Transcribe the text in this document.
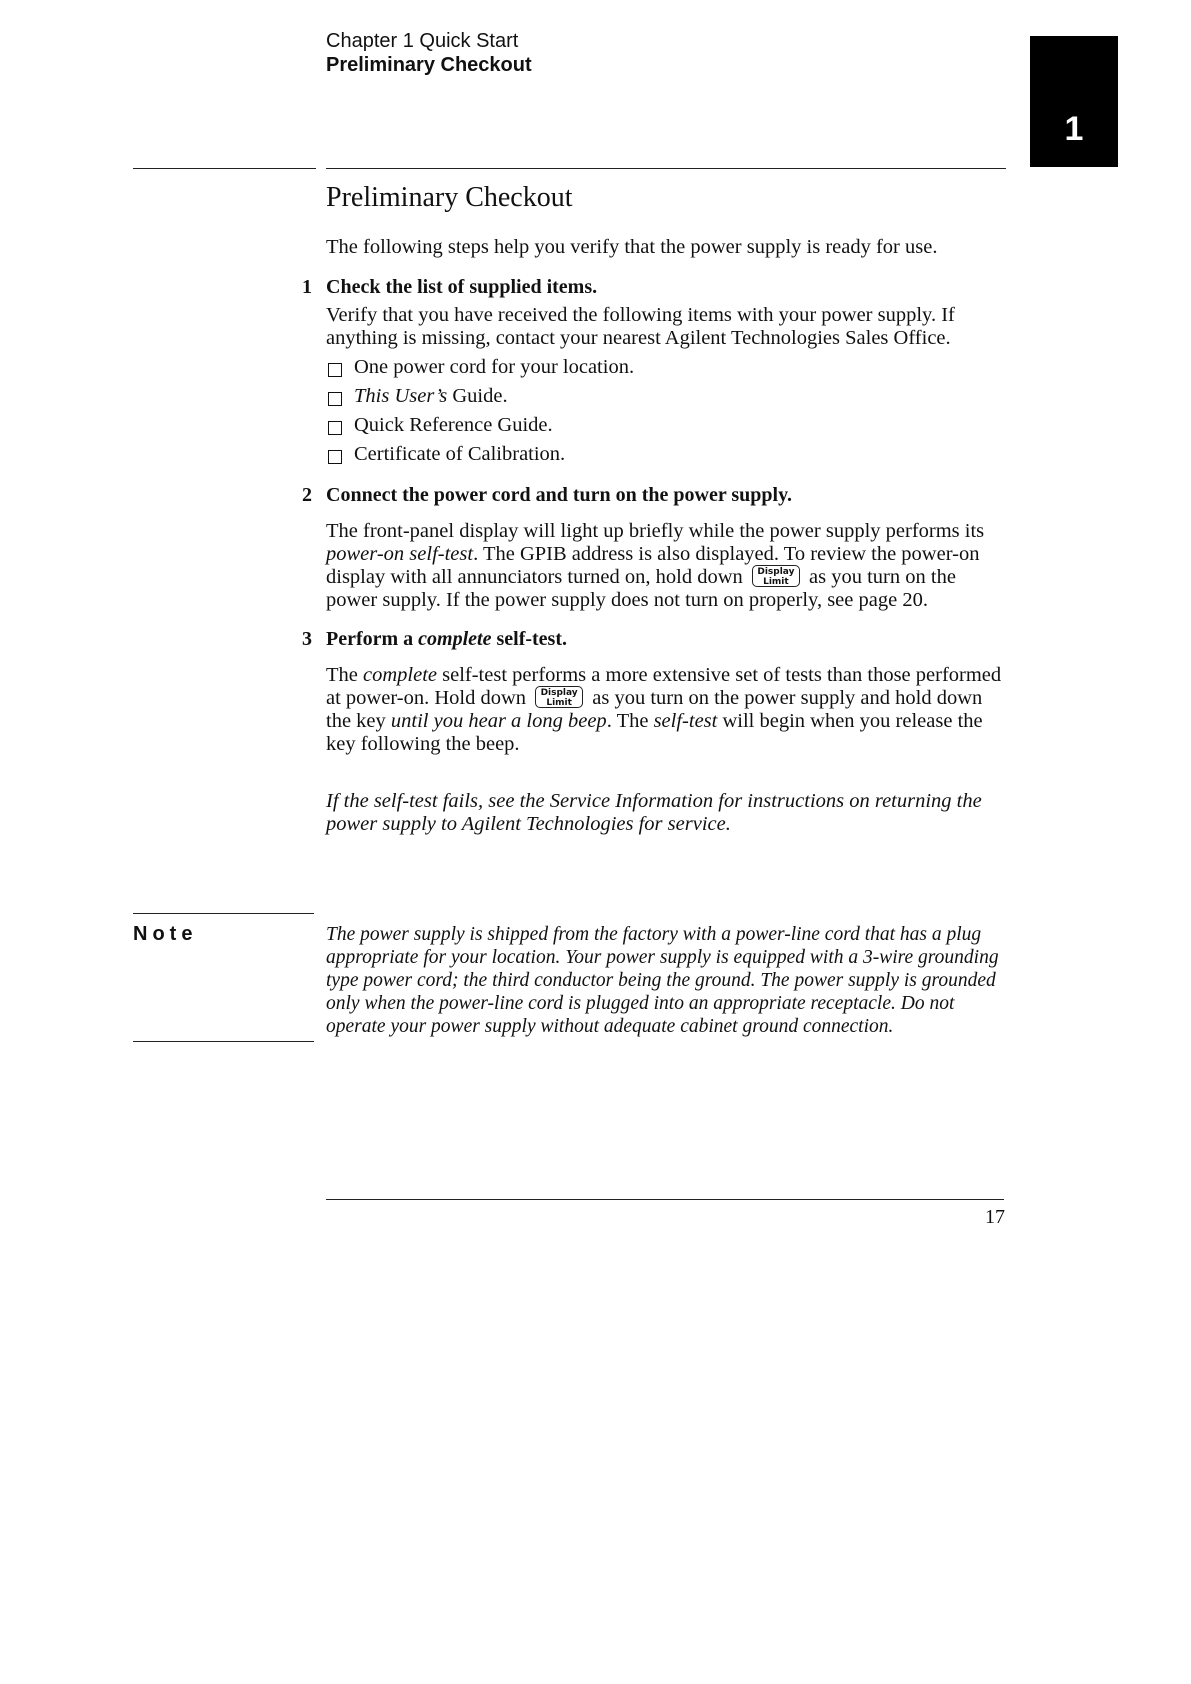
Chapter 1 Quick Start
Preliminary Checkout
1
Preliminary Checkout
The following steps help you verify that the power supply is ready for use.
1 Check the list of supplied items.
Verify that you have received the following items with your power supply. If anything is missing, contact your nearest Agilent Technologies Sales Office.
One power cord for your location.
This User’s Guide.
Quick Reference Guide.
Certificate of Calibration.
2 Connect the power cord and turn on the power supply.
The front-panel display will light up briefly while the power supply performs its power-on self-test. The GPIB address is also displayed. To review the power-on display with all annunciators turned on, hold down	Display
Limit as you turn on the power supply. If the power supply does not turn on properly, see page 20.
3 Perform a complete self-test.
The complete self-test performs a more extensive set of tests than those performed at power-on. Hold down	Display
Limit as you turn on the power supply and hold down the key until you hear a long beep. The self-test will begin when you release the key following the beep.
If the self-test fails, see the Service Information for instructions on returning the power supply to Agilent Technologies for service.
Note	The power supply is shipped from the factory with a power-line cord that has a plug appropriate for your location. Your power supply is equipped with a 3-wire grounding type power cord; the third conductor being the ground. The power supply is grounded only when the power-line cord is plugged into an appropriate receptacle. Do not operate your power supply without adequate cabinet ground connection.
17
